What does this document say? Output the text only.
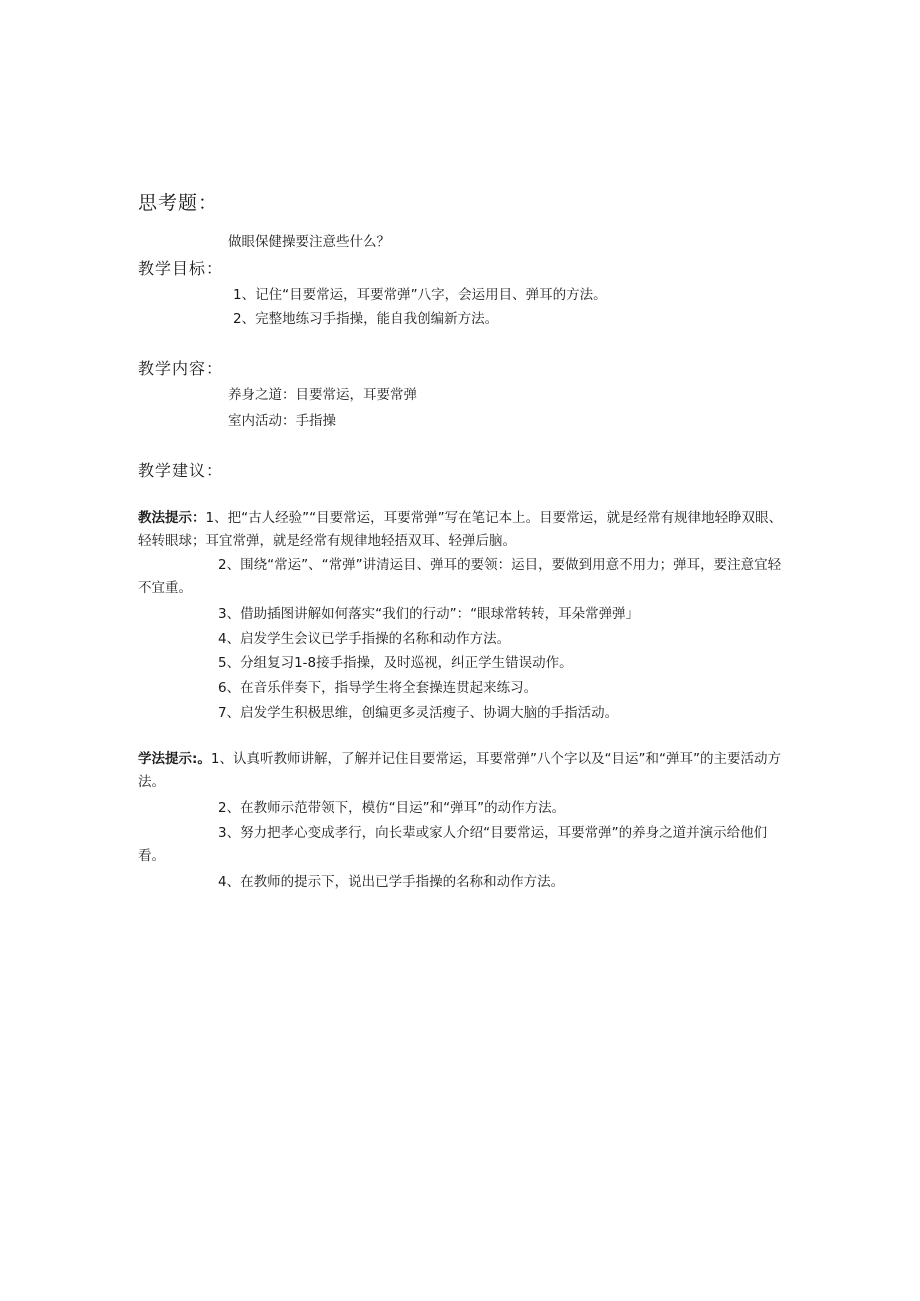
思考题：
做眼保健操要注意些什么？
教学目标：
1、记住“目要常运，耳要常弹”八字，会运用目、弹耳的方法。
2、完整地练习手指操，能自我创编新方法。
教学内容：
养身之道：目要常运，耳要常弹
室内活动：手指操
教学建议：
教法提示：1、把“古人经验”“目要常运，耳要常弹”写在笔记本上。目要常运，就是经常有规律地轻睁双眼、轻转眼球；耳宜常弹，就是经常有规律地轻捂双耳、轻弹后脑。
2、围绕“常运”、“常弹”讲清运目、弹耳的要领：运目，要做到用意不用力；弹耳，要注意宜轻不宜重。
3、借助插图讲解如何落实“我们的行动”：“眼球常转转，耳朵常弹弹」
4、启发学生会议已学手指操的名称和动作方法。
5、分组复习1-8接手指操，及时巡视，纠正学生错误动作。
6、在音乐伴奏下，指导学生将全套操连贯起来练习。
7、启发学生积极思维，创编更多灵活瘦子、协调大脑的手指活动。
学法提示:。1、认真听教师讲解，了解并记住目要常运，耳要常弹”八个字以及“目运”和“弹耳”的主要活动方法。
2、在教师示范带领下，模仿“目运”和“弹耳”的动作方法。
3、努力把孝心变成孝行，向长辈或家人介绍“目要常运，耳要常弹”的养身之道并演示给他们看。
4、在教师的提示下，说出已学手指操的名称和动作方法。
